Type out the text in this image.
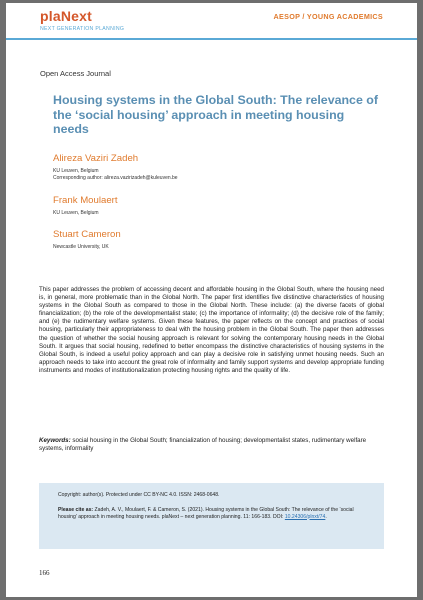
plaNext
NEXT GENERATION PLANNING
AESOP / YOUNG ACADEMICS
Open Access Journal
Housing systems in the Global South: The relevance of the ‘social housing’ approach in meeting housing needs
Alireza Vaziri Zadeh
KU Leuven, Belgium
Corresponding author: alireza.vazirizadeh@kuleuven.be
Frank Moulaert
KU Leuven, Belgium
Stuart Cameron
Newcastle University, UK
This paper addresses the problem of accessing decent and affordable housing in the Global South, where the housing need is, in general, more problematic than in the Global North. The paper first identifies five distinctive characteristics of housing systems in the Global South as compared to those in the Global North. These include: (a) the diverse facets of global financialization; (b) the role of the developmentalist state; (c) the importance of informality; (d) the decisive role of the family; and (e) the rudimentary welfare systems. Given these features, the paper reflects on the concept and practices of social housing, particularly their appropriateness to deal with the housing problem in the Global South. The paper then addresses the question of whether the social housing approach is relevant for solving the contemporary housing needs in the Global South. It argues that social housing, redefined to better encompass the distinctive characteristics of housing systems in the Global South, is indeed a useful policy approach and can play a decisive role in satisfying unmet housing needs. Such an approach needs to take into account the great role of informality and family support systems and develop appropriate funding instruments and modes of institutionalization protecting housing rights and the quality of life.
Keywords: social housing in the Global South; financialization of housing; developmentalist states, rudimentary welfare systems, informality
Copyright: author(s). Protected under CC BY-NC 4.0. ISSN: 2468-0648.
Please cite as: Zadeh, A. V., Moulaert, F. & Cameron, S. (2021). Housing systems in the Global South: The relevance of the ‘social housing’ approach in meeting housing needs. plaNext – next generation planning. 11: 166-183. DOI: 10.24306/plnxt/74.
166
